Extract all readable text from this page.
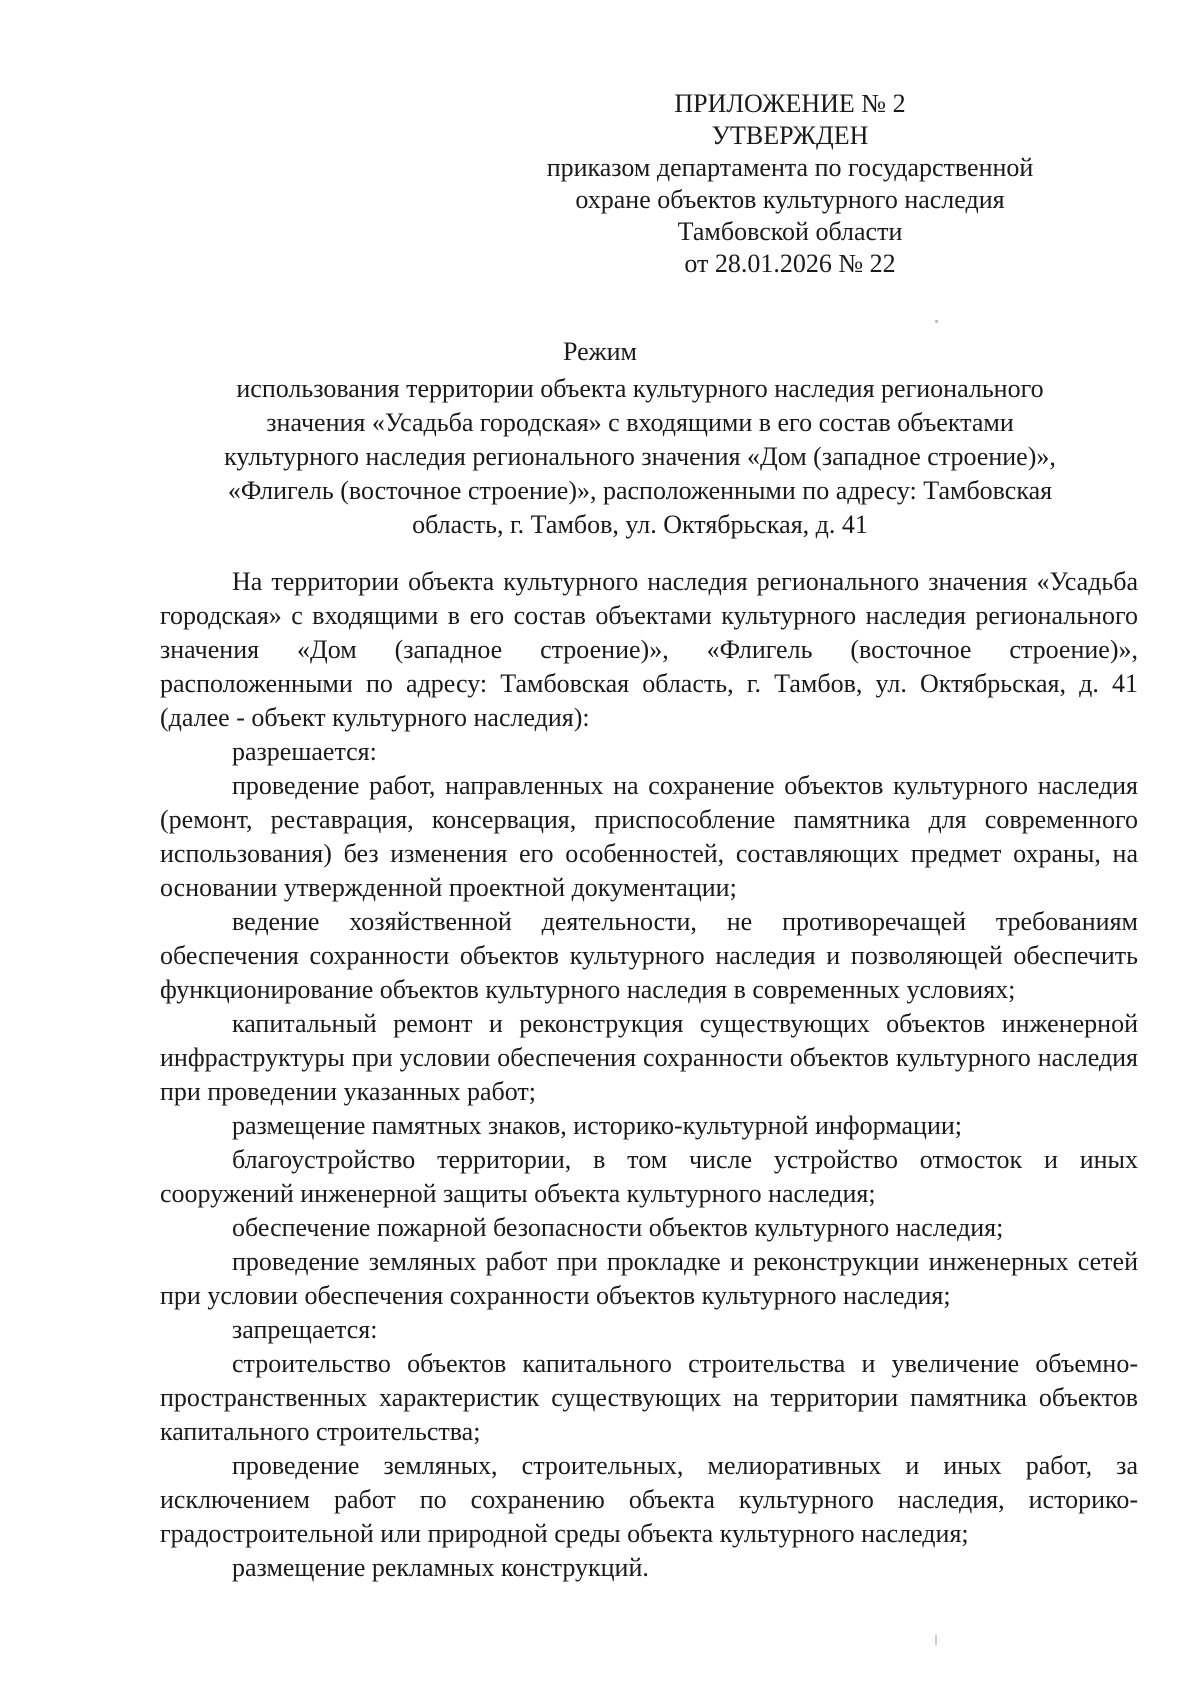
ПРИЛОЖЕНИЕ № 2
УТВЕРЖДЕН
приказом департамента по государственной
охране объектов культурного наследия
Тамбовской области
от 28.01.2026 № 22
Режим
использования территории объекта культурного наследия регионального
значения «Усадьба городская» с входящими в его состав объектами
культурного наследия регионального значения «Дом (западное строение)»,
«Флигель (восточное строение)», расположенными по адресу: Тамбовская
область, г. Тамбов, ул. Октябрьская, д. 41

На территории объекта культурного наследия регионального значения «Усадьба городская» с входящими в его состав объектами культурного наследия регионального значения «Дом (западное строение)», «Флигель (восточное строение)», расположенными по адресу: Тамбовская область, г. Тамбов, ул. Октябрьская, д. 41 (далее - объект культурного наследия):

разрешается:

проведение работ, направленных на сохранение объектов культурного наследия (ремонт, реставрация, консервация, приспособление памятника для современного использования) без изменения его особенностей, составляющих предмет охраны, на основании утвержденной проектной документации;

ведение хозяйственной деятельности, не противоречащей требованиям обеспечения сохранности объектов культурного наследия и позволяющей обеспечить функционирование объектов культурного наследия в современных условиях;

капитальный ремонт и реконструкция существующих объектов инженерной инфраструктуры при условии обеспечения сохранности объектов культурного наследия при проведении указанных работ;

размещение памятных знаков, историко-культурной информации;

благоустройство территории, в том числе устройство отмосток и иных сооружений инженерной защиты объекта культурного наследия;

обеспечение пожарной безопасности объектов культурного наследия;

проведение земляных работ при прокладке и реконструкции инженерных сетей при условии обеспечения сохранности объектов культурного наследия;

запрещается:

строительство объектов капитального строительства и увеличение объемно-пространственных характеристик существующих на территории памятника объектов капитального строительства;

проведение земляных, строительных, мелиоративных и иных работ, за исключением работ по сохранению объекта культурного наследия, историко-градостроительной или природной среды объекта культурного наследия;

размещение рекламных конструкций.
